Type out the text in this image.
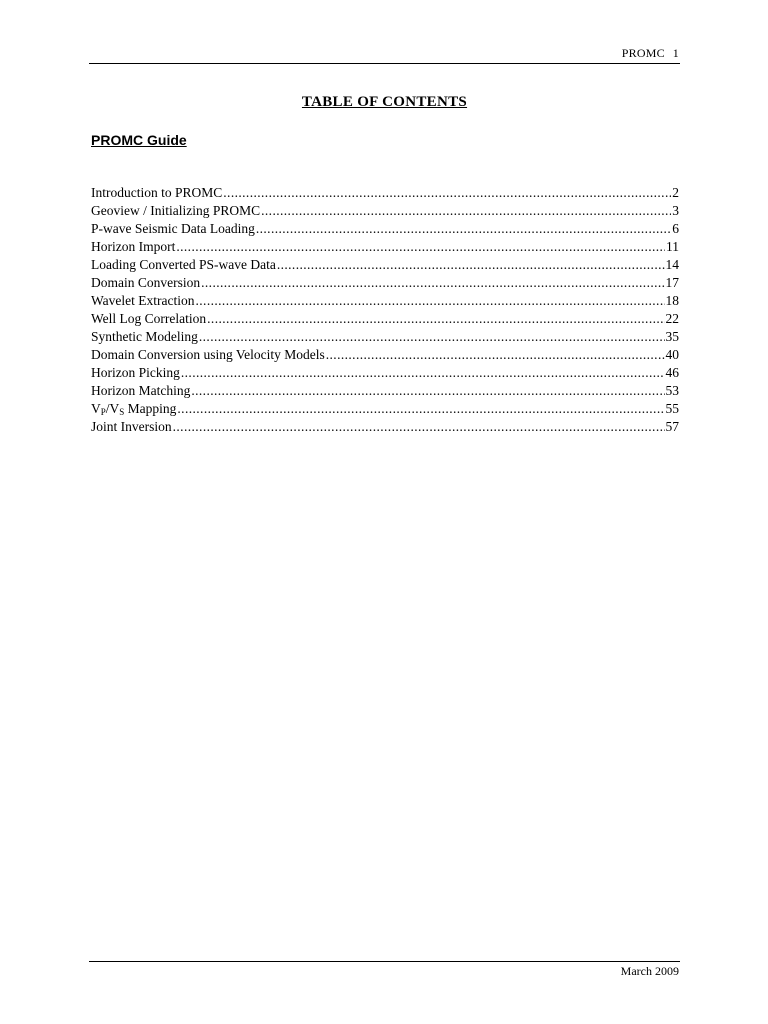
PROMC 1
TABLE OF CONTENTS
PROMC Guide
Introduction to PROMC .....	2
Geoview / Initializing PROMC .....	3
P-wave Seismic Data Loading .....	6
Horizon Import .....	11
Loading Converted PS-wave Data .....	14
Domain Conversion .....	17
Wavelet Extraction .....	18
Well Log Correlation .....	22
Synthetic Modeling .....	35
Domain Conversion using Velocity Models .....	40
Horizon Picking .....	46
Horizon Matching .....	53
$V_P/V_S$ Mapping .....	55
Joint Inversion .....	57
March 2009
